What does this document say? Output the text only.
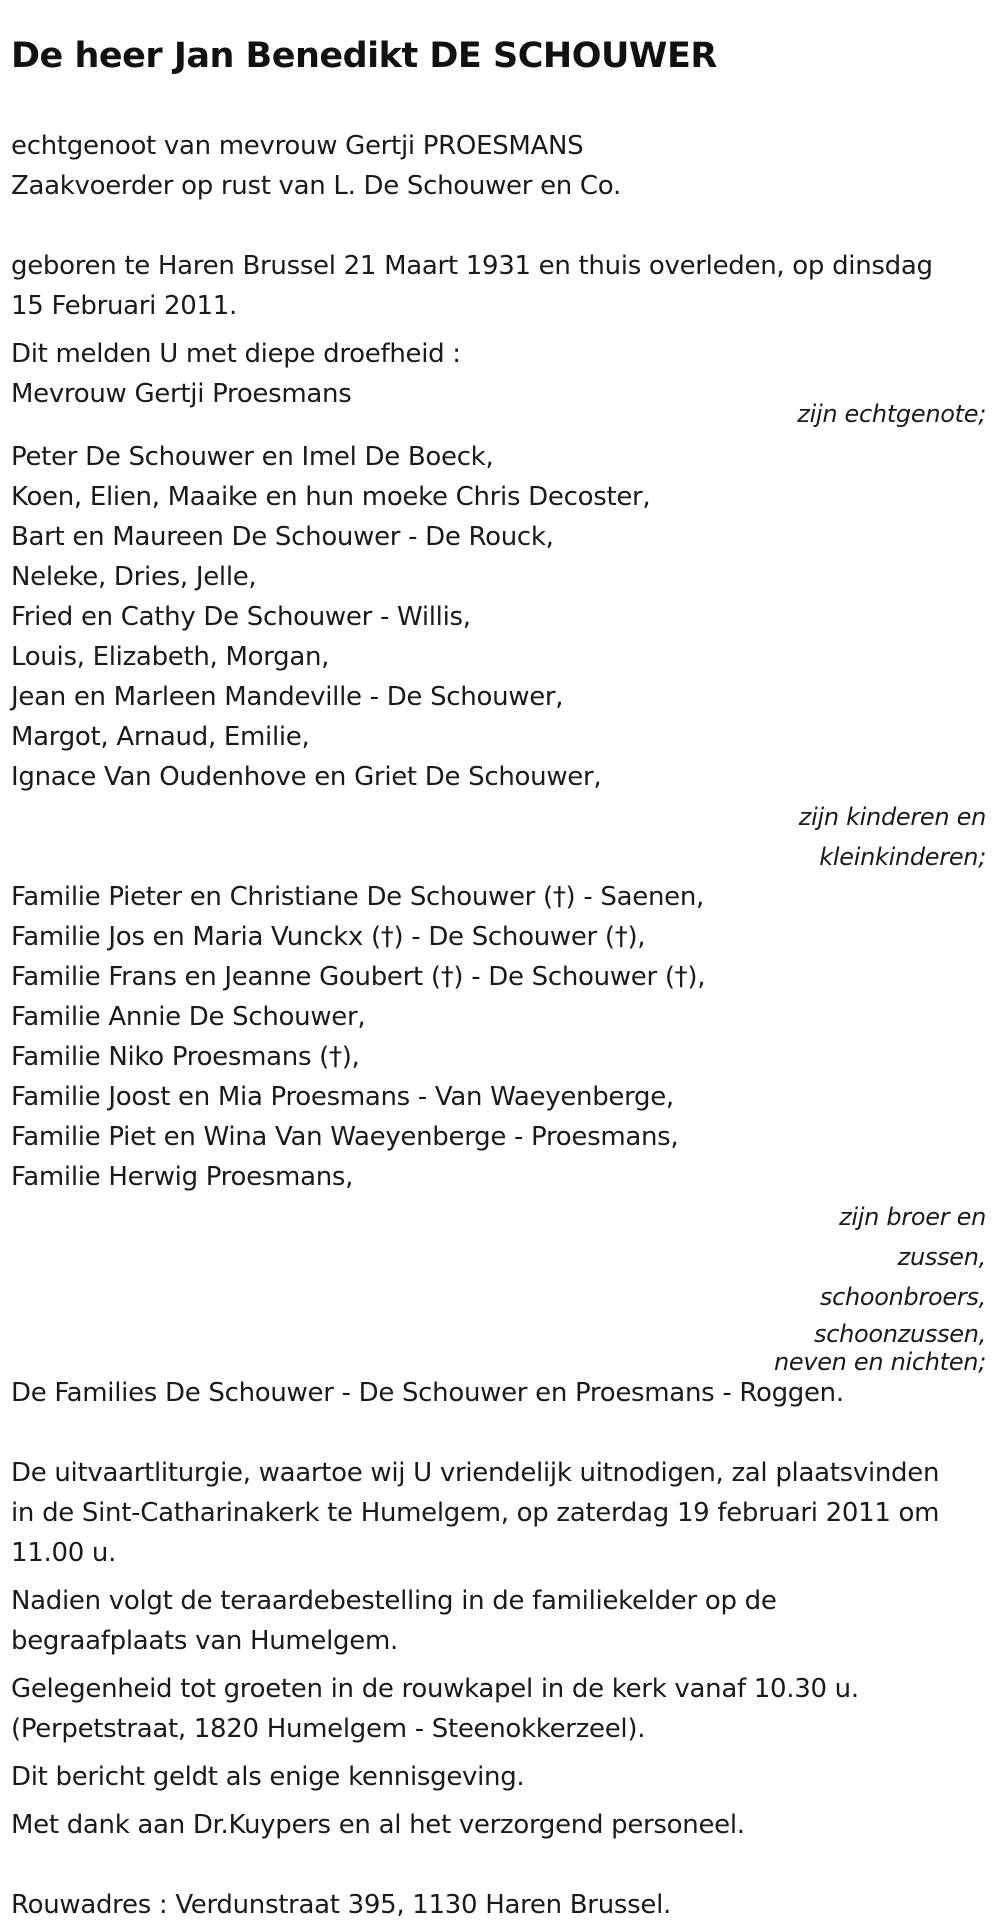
De heer Jan Benedikt DE SCHOUWER

echtgenoot van mevrouw Gertji PROESMANS

Zaakvoerder op rust van L. De Schouwer en Co.

geboren te Haren Brussel 21 Maart 1931 en thuis overleden, op dinsdag

15 Februari 2011.

Dit melden U met diepe droefheid :

Mevrouw Gertji Proesmans

zijn echtgenote;

Peter De Schouwer en Imel De Boeck,

Koen, Elien, Maaike en hun moeke Chris Decoster,

Bart en Maureen De Schouwer - De Rouck,

Neleke, Dries, Jelle,

Fried en Cathy De Schouwer - Willis,

Louis, Elizabeth, Morgan,

Jean en Marleen Mandeville - De Schouwer,

Margot, Arnaud, Emilie,

Ignace Van Oudenhove en Griet De Schouwer,

zijn kinderen en
kleinkinderen;

Familie Pieter en Christiane De Schouwer (†) - Saenen,

Familie Jos en Maria Vunckx (†) - De Schouwer (†),

Familie Frans en Jeanne Goubert (†) - De Schouwer (†),

Familie Annie De Schouwer,

Familie Niko Proesmans (†),

Familie Joost en Mia Proesmans - Van Waeyenberge,

Familie Piet en Wina Van Waeyenberge - Proesmans,

Familie Herwig Proesmans,

zijn broer en
zussen,
schoonbroers,
schoonzussen,
neven en nichten;

De Families De Schouwer - De Schouwer en Proesmans - Roggen.

De uitvaartliturgie, waartoe wij U vriendelijk uitnodigen, zal plaatsvinden

in de Sint-Catharinakerk te Humelgem, op zaterdag 19 februari 2011 om

11.00 u.

Nadien volgt de teraardebestelling in de familiekelder op de

begraafplaats van Humelgem.

Gelegenheid tot groeten in de rouwkapel in de kerk vanaf 10.30 u.

(Perpetstraat, 1820 Humelgem - Steenokkerzeel).

Dit bericht geldt als enige kennisgeving.

Met dank aan Dr.Kuypers en al het verzorgend personeel.

Rouwadres : Verdunstraat 395, 1130 Haren Brussel.
